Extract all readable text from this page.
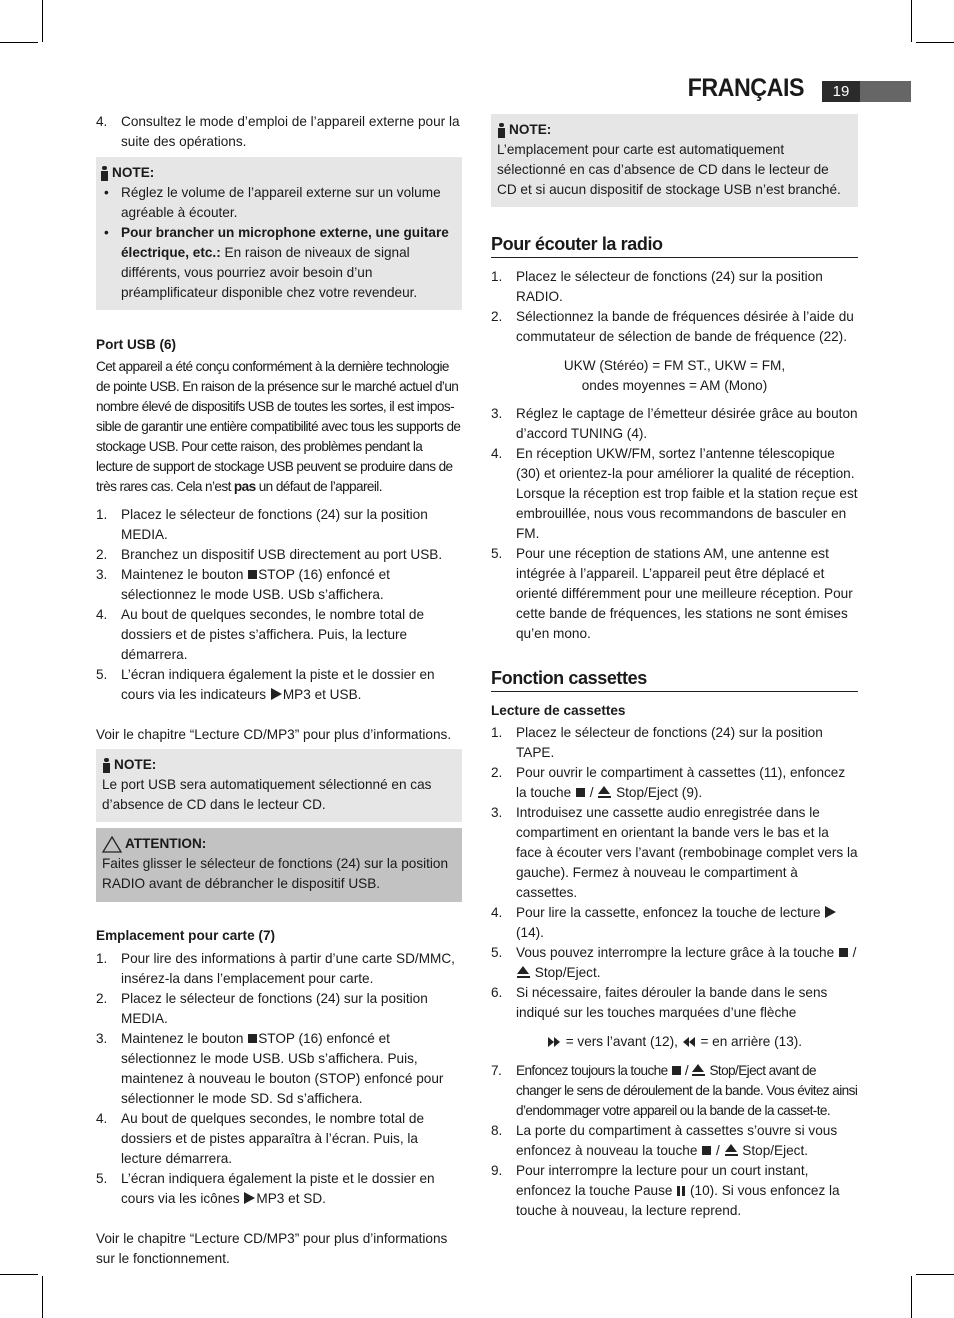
FRANÇAIS	19
4. Consultez le mode d’emploi de l’appareil externe pour la suite des opérations.
NOTE:
• Réglez le volume de l’appareil externe sur un volume agréable à écouter.
• Pour brancher un microphone externe, une guitare électrique, etc.: En raison de niveaux de signal différents, vous pourriez avoir besoin d’un préamplificateur disponible chez votre revendeur.

Port USB (6)

Cet appareil a été conçu conformément à la dernière technologie de pointe USB. En raison de la présence sur le marché actuel d’un nombre élevé de dispositifs USB de toutes les sortes, il est impossible de garantir une entière compatibilité avec tous les supports de stockage USB. Pour cette raison, des problèmes pendant la lecture de support de stockage USB peuvent se produire dans de très rares cas. Cela n’est pas un défaut de l’appareil.

1. Placez le sélecteur de fonctions (24) sur la position MEDIA.
2. Branchez un dispositif USB directement au port USB.
3. Maintenez le bouton STOP (16) enfoncé et sélectionnez le mode USB. USb s’affichera.
4. Au bout de quelques secondes, le nombre total de dossiers et de pistes s’affichera. Puis, la lecture démarrera.
5. L’écran indiquera également la piste et le dossier en cours via les indicateurs MP3 et USB.

Voir le chapitre “Lecture CD/MP3” pour plus d’informations.

NOTE:

Le port USB sera automatiquement sélectionné en cas d’absence de CD dans le lecteur CD.

ATTENTION:

Faites glisser le sélecteur de fonctions (24) sur la position RADIO avant de débrancher le dispositif USB.

Emplacement pour carte (7)

1. Pour lire des informations à partir d’une carte SD/MMC, insérez-la dans l’emplacement pour carte.
2. Placez le sélecteur de fonctions (24) sur la position MEDIA.
3. Maintenez le bouton STOP (16) enfoncé et sélectionnez le mode USB. USb s’affichera. Puis, maintenez à nouveau le bouton (STOP) enfoncé pour sélectionner le mode SD. Sd s’affichera.
4. Au bout de quelques secondes, le nombre total de dossiers et de pistes apparaîtra à l’écran. Puis, la lecture démarrera.
5. L’écran indiquera également la piste et le dossier en cours via les icônes MP3 et SD.

Voir le chapitre “Lecture CD/MP3” pour plus d’informations sur le fonctionnement.

NOTE:

L’emplacement pour carte est automatiquement sélectionné en cas d’absence de CD dans le lecteur de CD et si aucun dispositif de stockage USB n’est branché.

Pour écouter la radio
1. Placez le sélecteur de fonctions (24) sur la position RADIO.
2. Sélectionnez la bande de fréquences désirée à l’aide du commutateur de sélection de bande de fréquence (22).

UKW (Stéréo) = FM ST., UKW = FM,

ondes moyennes = AM (Mono)

3. Réglez le captage de l’émetteur désirée grâce au bouton d’accord TUNING (4).
4. En réception UKW/FM, sortez l’antenne télescopique (30) et orientez-la pour améliorer la qualité de réception. Lorsque la réception est trop faible et la station reçue est embrouillée, nous vous recommandons de basculer en FM.
5. Pour une réception de stations AM, une antenne est intégrée à l’appareil. L’appareil peut être déplacé et orienté différemment pour une meilleure réception. Pour cette bande de fréquences, les stations ne sont émises qu’en mono.
Fonction cassettes

Lecture de cassettes

1. Placez le sélecteur de fonctions (24) sur la position TAPE.
2. Pour ouvrir le compartiment à cassettes (11), enfoncez la touche  /  Stop/Eject (9).
3. Introduisez une cassette audio enregistrée dans le compartiment en orientant la bande vers le bas et la face à écouter vers l’avant (rembobinage complet vers la gauche). Fermez à nouveau le compartiment à cassettes.
4. Pour lire la cassette, enfoncez la touche de lecture  (14).
5. Vous pouvez interrompre la lecture grâce à la touche  /  Stop/Eject.
6. Si nécessaire, faites dérouler la bande dans le sens indiqué sur les touches marquées d’une flèche

= vers l’avant (12),  = en arrière (13).

7. Enfoncez toujours la touche  /  Stop/Eject avant de changer le sens de déroulement de la bande. Vous évitez ainsi d’endommager votre appareil ou la bande de la casset-te.
8. La porte du compartiment à cassettes s’ouvre si vous enfoncez à nouveau la touche  /  Stop/Eject.
9. Pour interrompre la lecture pour un court instant, enfoncez la touche Pause  (10). Si vous enfoncez la touche à nouveau, la lecture reprend.
